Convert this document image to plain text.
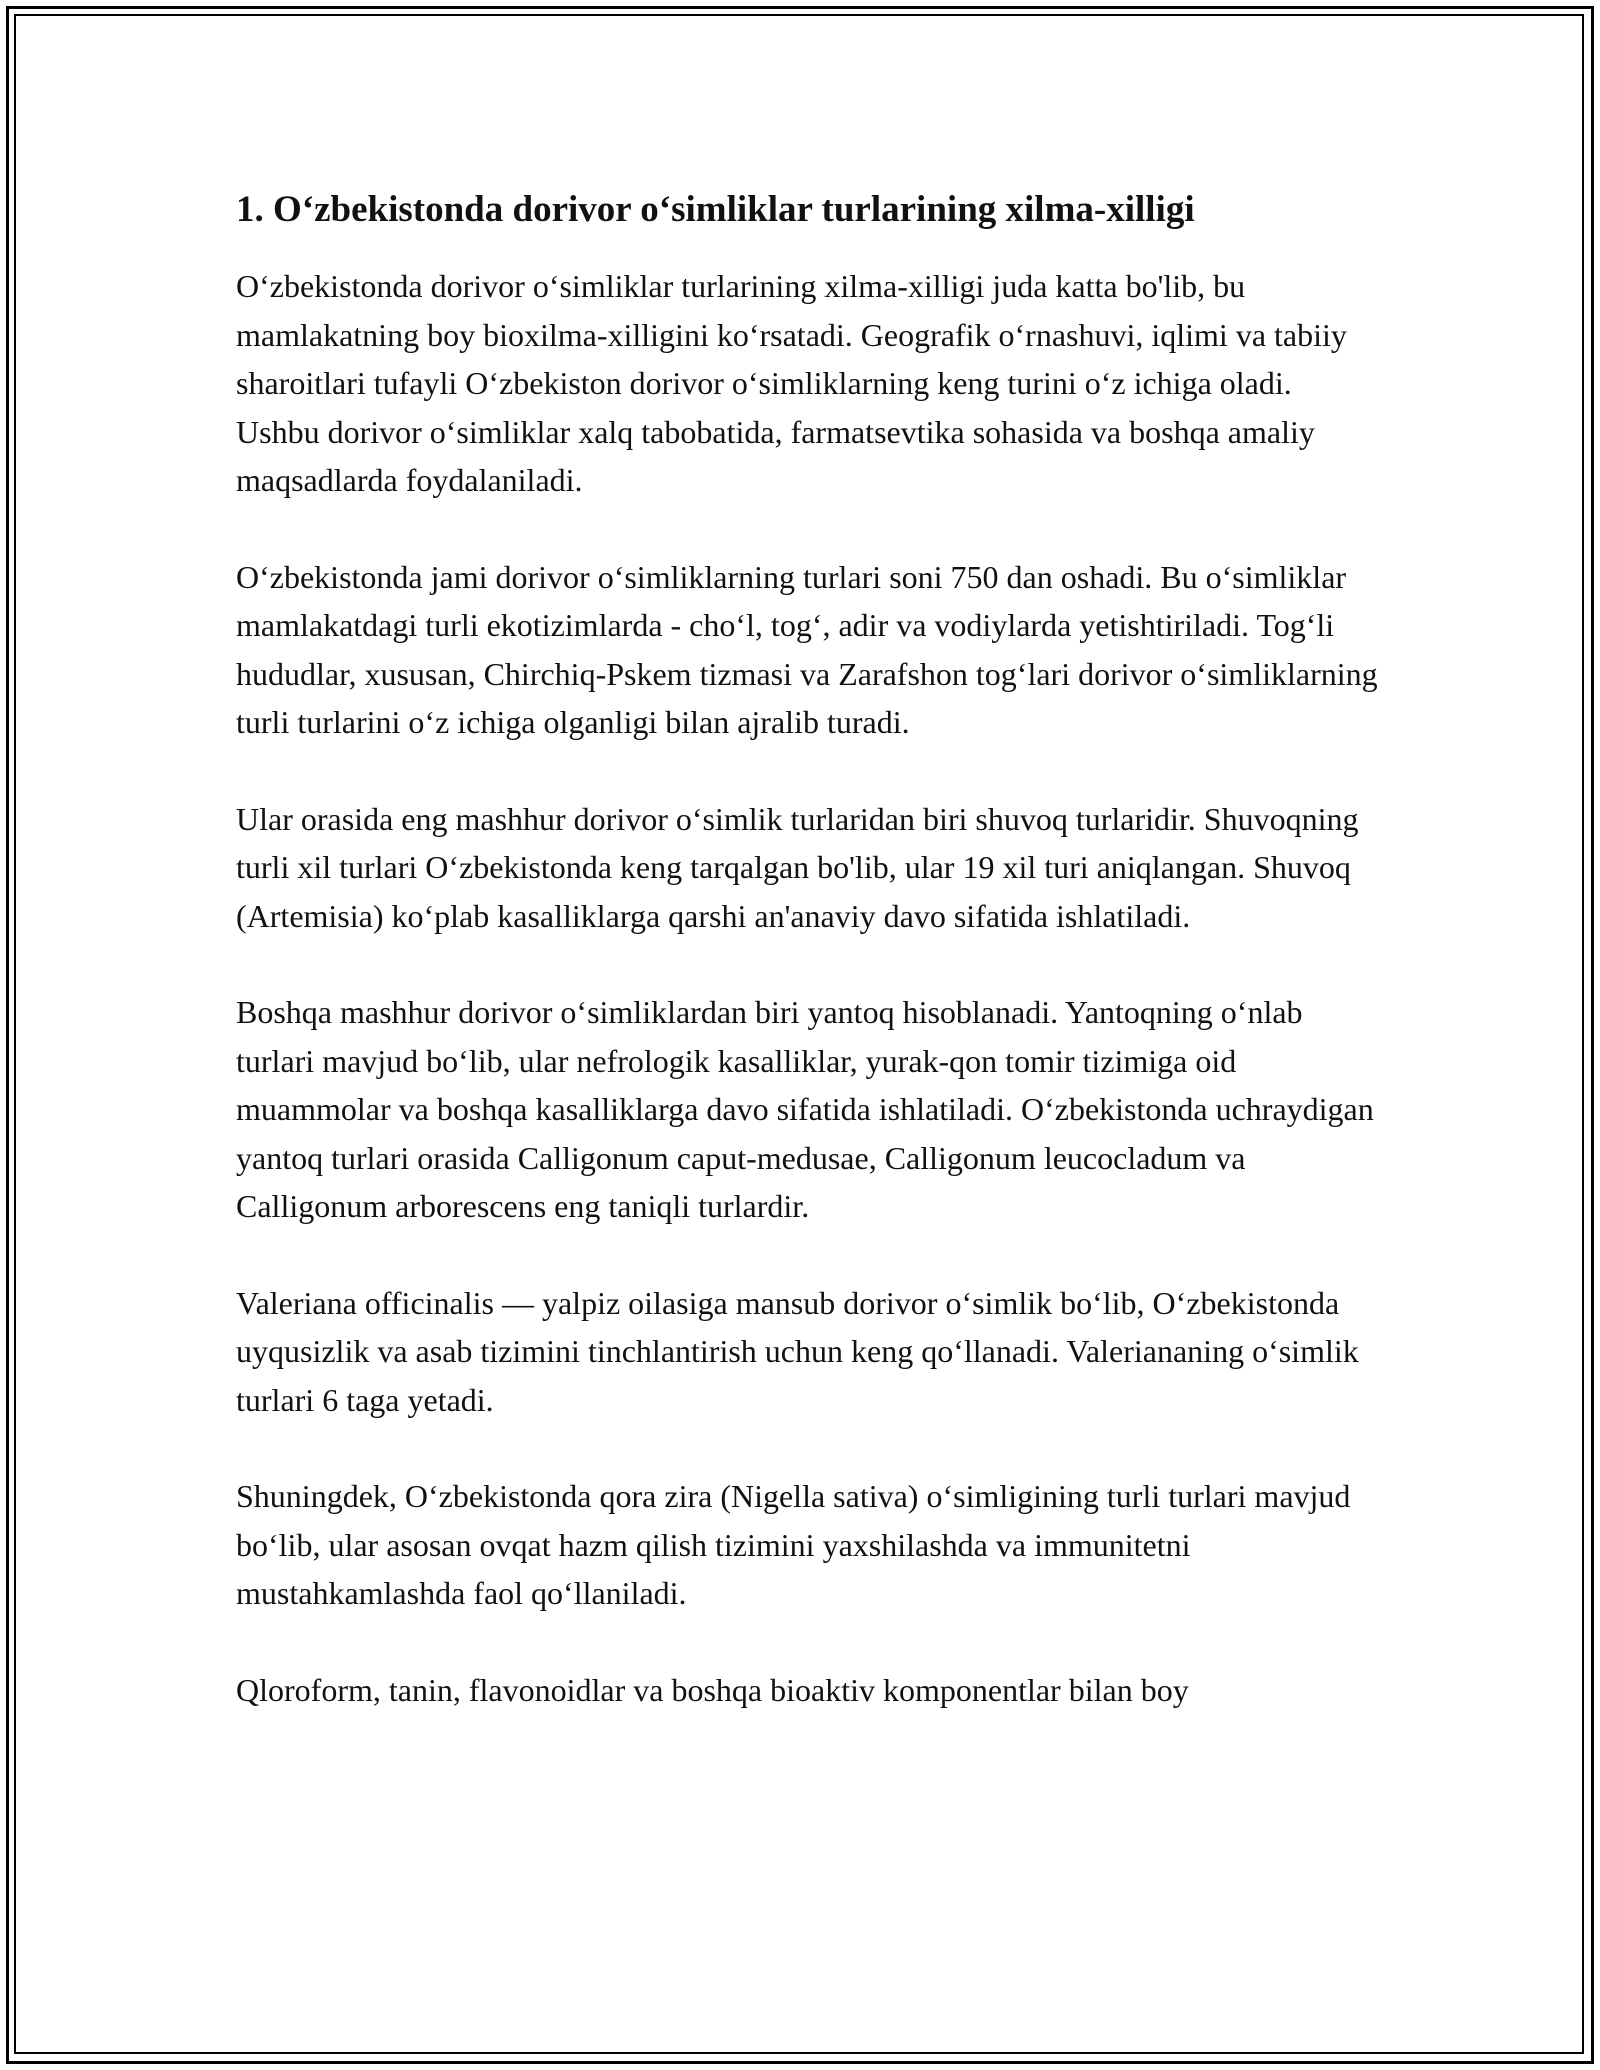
1. O‘zbekistonda dorivor o‘simliklar turlarining xilma-xilligi

O‘zbekistonda dorivor o‘simliklar turlarining xilma-xilligi juda katta bo'lib, bu mamlakatning boy bioxilma-xilligini ko‘rsatadi. Geografik o‘rnashuvi, iqlimi va tabiiy sharoitlari tufayli O‘zbekiston dorivor o‘simliklarning keng turini o‘z ichiga oladi. Ushbu dorivor o‘simliklar xalq tabobatida, farmatsevtika sohasida va boshqa amaliy maqsadlarda foydalaniladi.

O‘zbekistonda jami dorivor o‘simliklarning turlari soni 750 dan oshadi. Bu o‘simliklar mamlakatdagi turli ekotizimlarda - cho‘l, tog‘, adir va vodiylarda yetishtiriladi. Tog‘li hududlar, xususan, Chirchiq-Pskem tizmasi va Zarafshon tog‘lari dorivor o‘simliklarning turli turlarini o‘z ichiga olganligi bilan ajralib turadi.

Ular orasida eng mashhur dorivor o‘simlik turlaridan biri shuvoq turlaridir. Shuvoqning turli xil turlari O‘zbekistonda keng tarqalgan bo'lib, ular 19 xil turi aniqlangan. Shuvoq (Artemisia) ko‘plab kasalliklarga qarshi an'anaviy davo sifatida ishlatiladi.

Boshqa mashhur dorivor o‘simliklardan biri yantoq hisoblanadi. Yantoqning o‘nlab turlari mavjud bo‘lib, ular nefrologik kasalliklar, yurak-qon tomir tizimiga oid muammolar va boshqa kasalliklarga davo sifatida ishlatiladi. O‘zbekistonda uchraydigan yantoq turlari orasida Calligonum caput-medusae, Calligonum leucocladum va Calligonum arborescens eng taniqli turlardir.

Valeriana officinalis — yalpiz oilasiga mansub dorivor o‘simlik bo‘lib, O‘zbekistonda uyqusizlik va asab tizimini tinchlantirish uchun keng qo‘llanadi. Valeriananing o‘simlik turlari 6 taga yetadi.

Shuningdek, O‘zbekistonda qora zira (Nigella sativa) o‘simligining turli turlari mavjud bo‘lib, ular asosan ovqat hazm qilish tizimini yaxshilashda va immunitetni mustahkamlashda faol qo‘llaniladi.

Qloroform, tanin, flavonoidlar va boshqa bioaktiv komponentlar bilan boy
